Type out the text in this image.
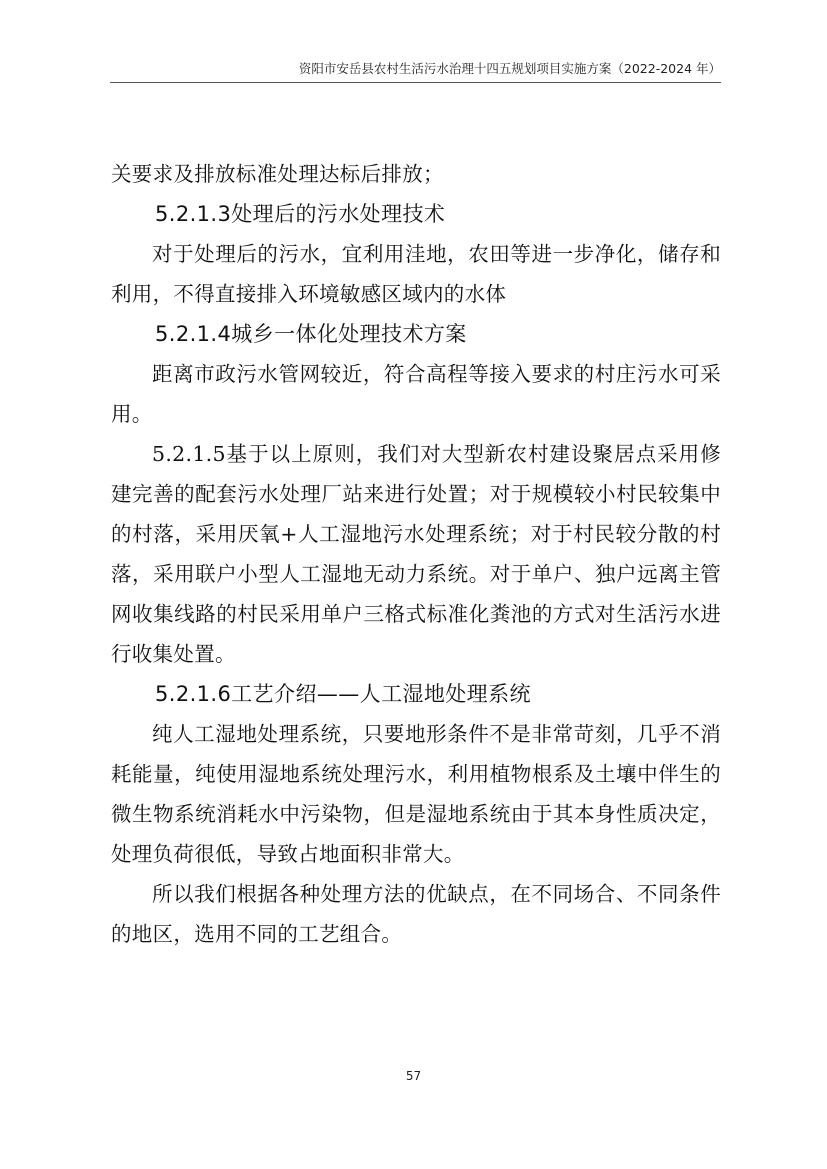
资阳市安岳县农村生活污水治理十四五规划项目实施方案（2022-2024 年）

关要求及排放标准处理达标后排放；

5.2.1.3处理后的污水处理技术

对于处理后的污水，宜利用洼地，农田等进一步净化，储存和利用，不得直接排入环境敏感区域内的水体

5.2.1.4城乡一体化处理技术方案

距离市政污水管网较近，符合高程等接入要求的村庄污水可采用。

5.2.1.5基于以上原则，我们对大型新农村建设聚居点采用修建完善的配套污水处理厂站来进行处置；对于规模较小村民较集中的村落，采用厌氧+人工湿地污水处理系统；对于村民较分散的村落，采用联户小型人工湿地无动力系统。对于单户、独户远离主管网收集线路的村民采用单户三格式标准化粪池的方式对生活污水进行收集处置。

5.2.1.6工艺介绍——人工湿地处理系统

纯人工湿地处理系统，只要地形条件不是非常苛刻，几乎不消耗能量，纯使用湿地系统处理污水，利用植物根系及土壤中伴生的微生物系统消耗水中污染物，但是湿地系统由于其本身性质决定，处理负荷很低，导致占地面积非常大。

所以我们根据各种处理方法的优缺点，在不同场合、不同条件的地区，选用不同的工艺组合。

57
